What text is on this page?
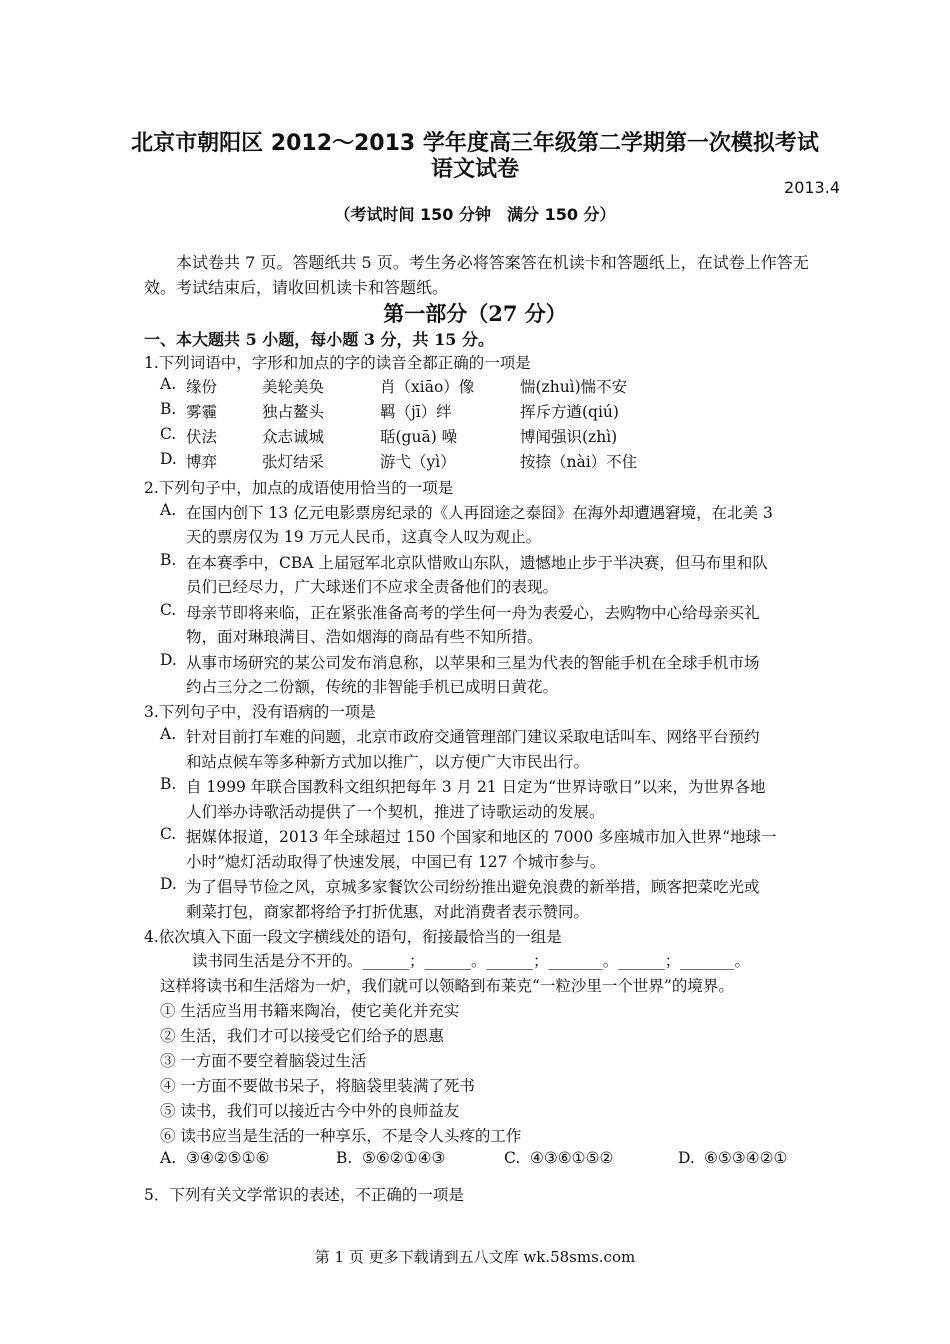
北京市朝阳区 2012～2013 学年度高三年级第二学期第一次模拟考试
语文试卷
2013.4
（考试时间 150 分钟　满分 150 分）
本试卷共 7 页。答题纸共 5 页。考生务必将答案答在机读卡和答题纸上，在试卷上作答无效。考试结束后，请收回机读卡和答题纸。
第一部分（27 分）
一、本大题共 5 小题，每小题 3 分，共 15 分。
1.下列词语中，字形和加点的字的读音全都正确的一项是
A. 缘份	美轮美奂	肖（xiāo）像	惴(zhuì)惴不安
B. 雾霾	独占鳌头	羁（jī）绊	挥斥方遒(qiú)
C. 伏法	众志诚城	聒(guā) 噪	博闻强识(zhì)
D. 博弈	张灯结采	游弋（yì）	按捺（nài）不住
2.下列句子中，加点的成语使用恰当的一项是
A. 在国内创下 13 亿元电影票房纪录的《人再囧途之泰囧》在海外却遭遇窘境，在北美 3
天的票房仅为 19 万元人民币，这真令人叹为观止。
B. 在本赛季中，CBA 上届冠军北京队惜败山东队，遗憾地止步于半决赛，但马布里和队
员们已经尽力，广大球迷们不应求全责备他们的表现。
C. 母亲节即将来临，正在紧张准备高考的学生何一舟为表爱心，去购物中心给母亲买礼
物，面对琳琅满目、浩如烟海的商品有些不知所措。
D. 从事市场研究的某公司发布消息称，以苹果和三星为代表的智能手机在全球手机市场
约占三分之二份额，传统的非智能手机已成明日黄花。
3.下列句子中，没有语病的一项是
A. 针对目前打车难的问题，北京市政府交通管理部门建议采取电话叫车、网络平台预约
和站点候车等多种新方式加以推广，以方便广大市民出行。
B. 自 1999 年联合国教科文组织把每年 3 月 21 日定为“世界诗歌日”以来，为世界各地
人们举办诗歌活动提供了一个契机，推进了诗歌运动的发展。
C. 据媒体报道，2013 年全球超过 150 个国家和地区的 7000 多座城市加入世界“地球一
小时”熄灯活动取得了快速发展，中国已有 127 个城市参与。
D. 为了倡导节俭之风，京城多家餐饮公司纷纷推出避免浪费的新举措，顾客把菜吃光或
剩菜打包，商家都将给予打折优惠，对此消费者表示赞同。
4.依次填入下面一段文字横线处的语句，衔接最恰当的一组是
读书同生活是分不开的。______；______。______；_______。______；_______。
这样将读书和生活熔为一炉，我们就可以领略到布莱克“一粒沙里一个世界”的境界。
① 生活应当用书籍来陶冶，使它美化并充实
② 生活，我们才可以接受它们给予的恩惠
③ 一方面不要空着脑袋过生活
④ 一方面不要做书呆子，将脑袋里装满了死书
⑤ 读书，我们可以接近古今中外的良师益友
⑥ 读书应当是生活的一种享乐，不是令人头疼的工作
A. ③④②⑤①⑥	B. ⑤⑥②①④③	C. ④③⑥①⑤②	D. ⑥⑤③④②①
5．下列有关文学常识的表述，不正确的一项是
第 1 页 更多下载请到五八文库 wk.58sms.com
